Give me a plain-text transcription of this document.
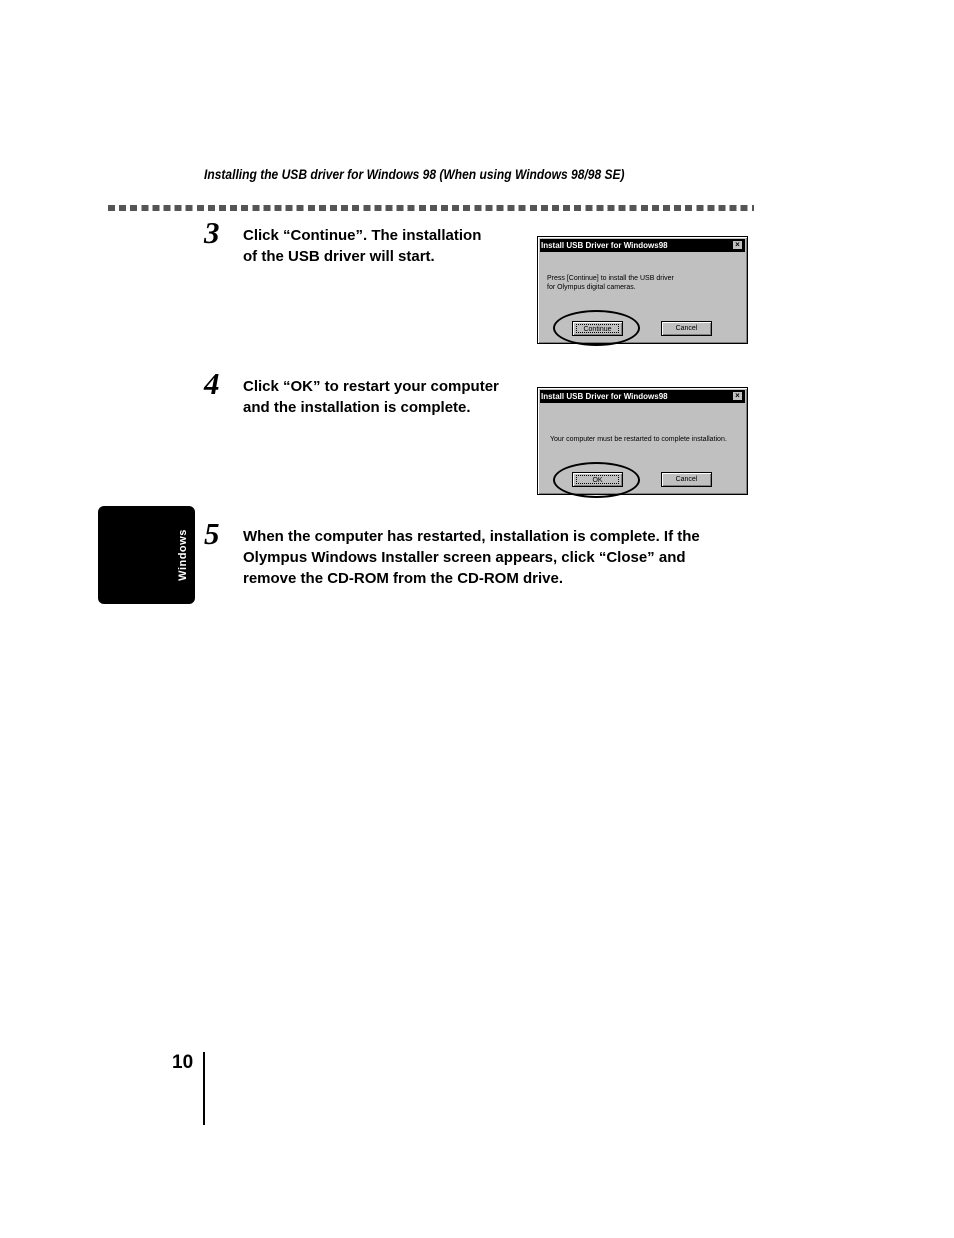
Installing the USB driver for Windows 98 (When using Windows 98/98 SE)
3 Click “Continue”. The installation

of the USB driver will start.

Install USB Driver for Windows98	×
Press [Continue] to install the USB driver
for Olympus digital cameras.
Continue	Cancel
4 Click “OK” to restart your computer

and the installation is complete.

Install USB Driver for Windows98	×
Your computer must be restarted to complete installation.
OK	Cancel
5 When the computer has restarted, installation is complete. If the

Olympus Windows Installer screen appears, click “Close” and

remove the CD-ROM from the CD-ROM drive.

Windows
10
